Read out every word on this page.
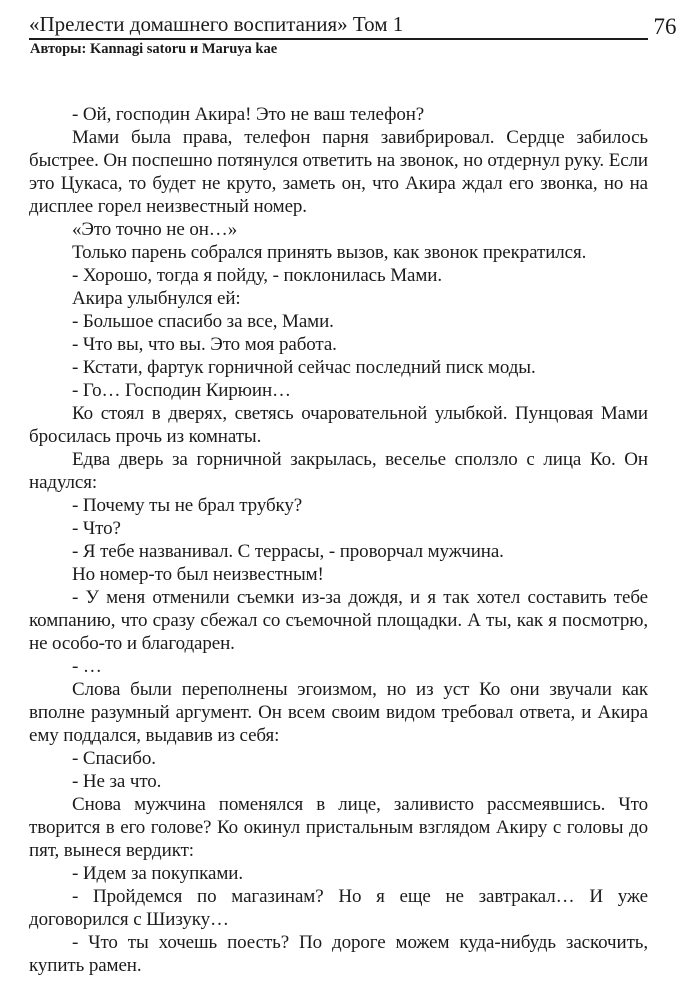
«Прелести домашнего воспитания» Том 1	76
Авторы: Kannagi satoru и Maruya kae

- Ой, господин Акира! Это не ваш телефон?

Мами была права, телефон парня завибрировал. Сердце забилось быстрее. Он поспешно потянулся ответить на звонок, но отдернул руку. Если это Цукаса, то будет не круто, заметь он, что Акира ждал его звонка, но на дисплее горел неизвестный номер.

«Это точно не он…»

Только парень собрался принять вызов, как звонок прекратился.

- Хорошо, тогда я пойду, - поклонилась Мами.

Акира улыбнулся ей:

- Большое спасибо за все, Мами.

- Что вы, что вы. Это моя работа.

- Кстати, фартук горничной сейчас последний писк моды.

- Го… Господин Кирюин…

Ко стоял в дверях, светясь очаровательной улыбкой. Пунцовая Мами бросилась прочь из комнаты.

Едва дверь за горничной закрылась, веселье сползло с лица Ко. Он надулся:

- Почему ты не брал трубку?

- Что?

- Я тебе названивал. С террасы, - проворчал мужчина.

Но номер-то был неизвестным!

- У меня отменили съемки из-за дождя, и я так хотел составить тебе компанию, что сразу сбежал со съемочной площадки. А ты, как я посмотрю, не особо-то и благодарен.

- …

Слова были переполнены эгоизмом, но из уст Ко они звучали как вполне разумный аргумент. Он всем своим видом требовал ответа, и Акира ему поддался, выдавив из себя:

- Спасибо.

- Не за что.

Снова мужчина поменялся в лице, заливисто рассмеявшись. Что творится в его голове? Ко окинул пристальным взглядом Акиру с головы до пят, вынеся вердикт:

- Идем за покупками.

- Пройдемся по магазинам? Но я еще не завтракал… И уже договорился с Шизуку…

- Что ты хочешь поесть? По дороге можем куда-нибудь заскочить, купить рамен.
